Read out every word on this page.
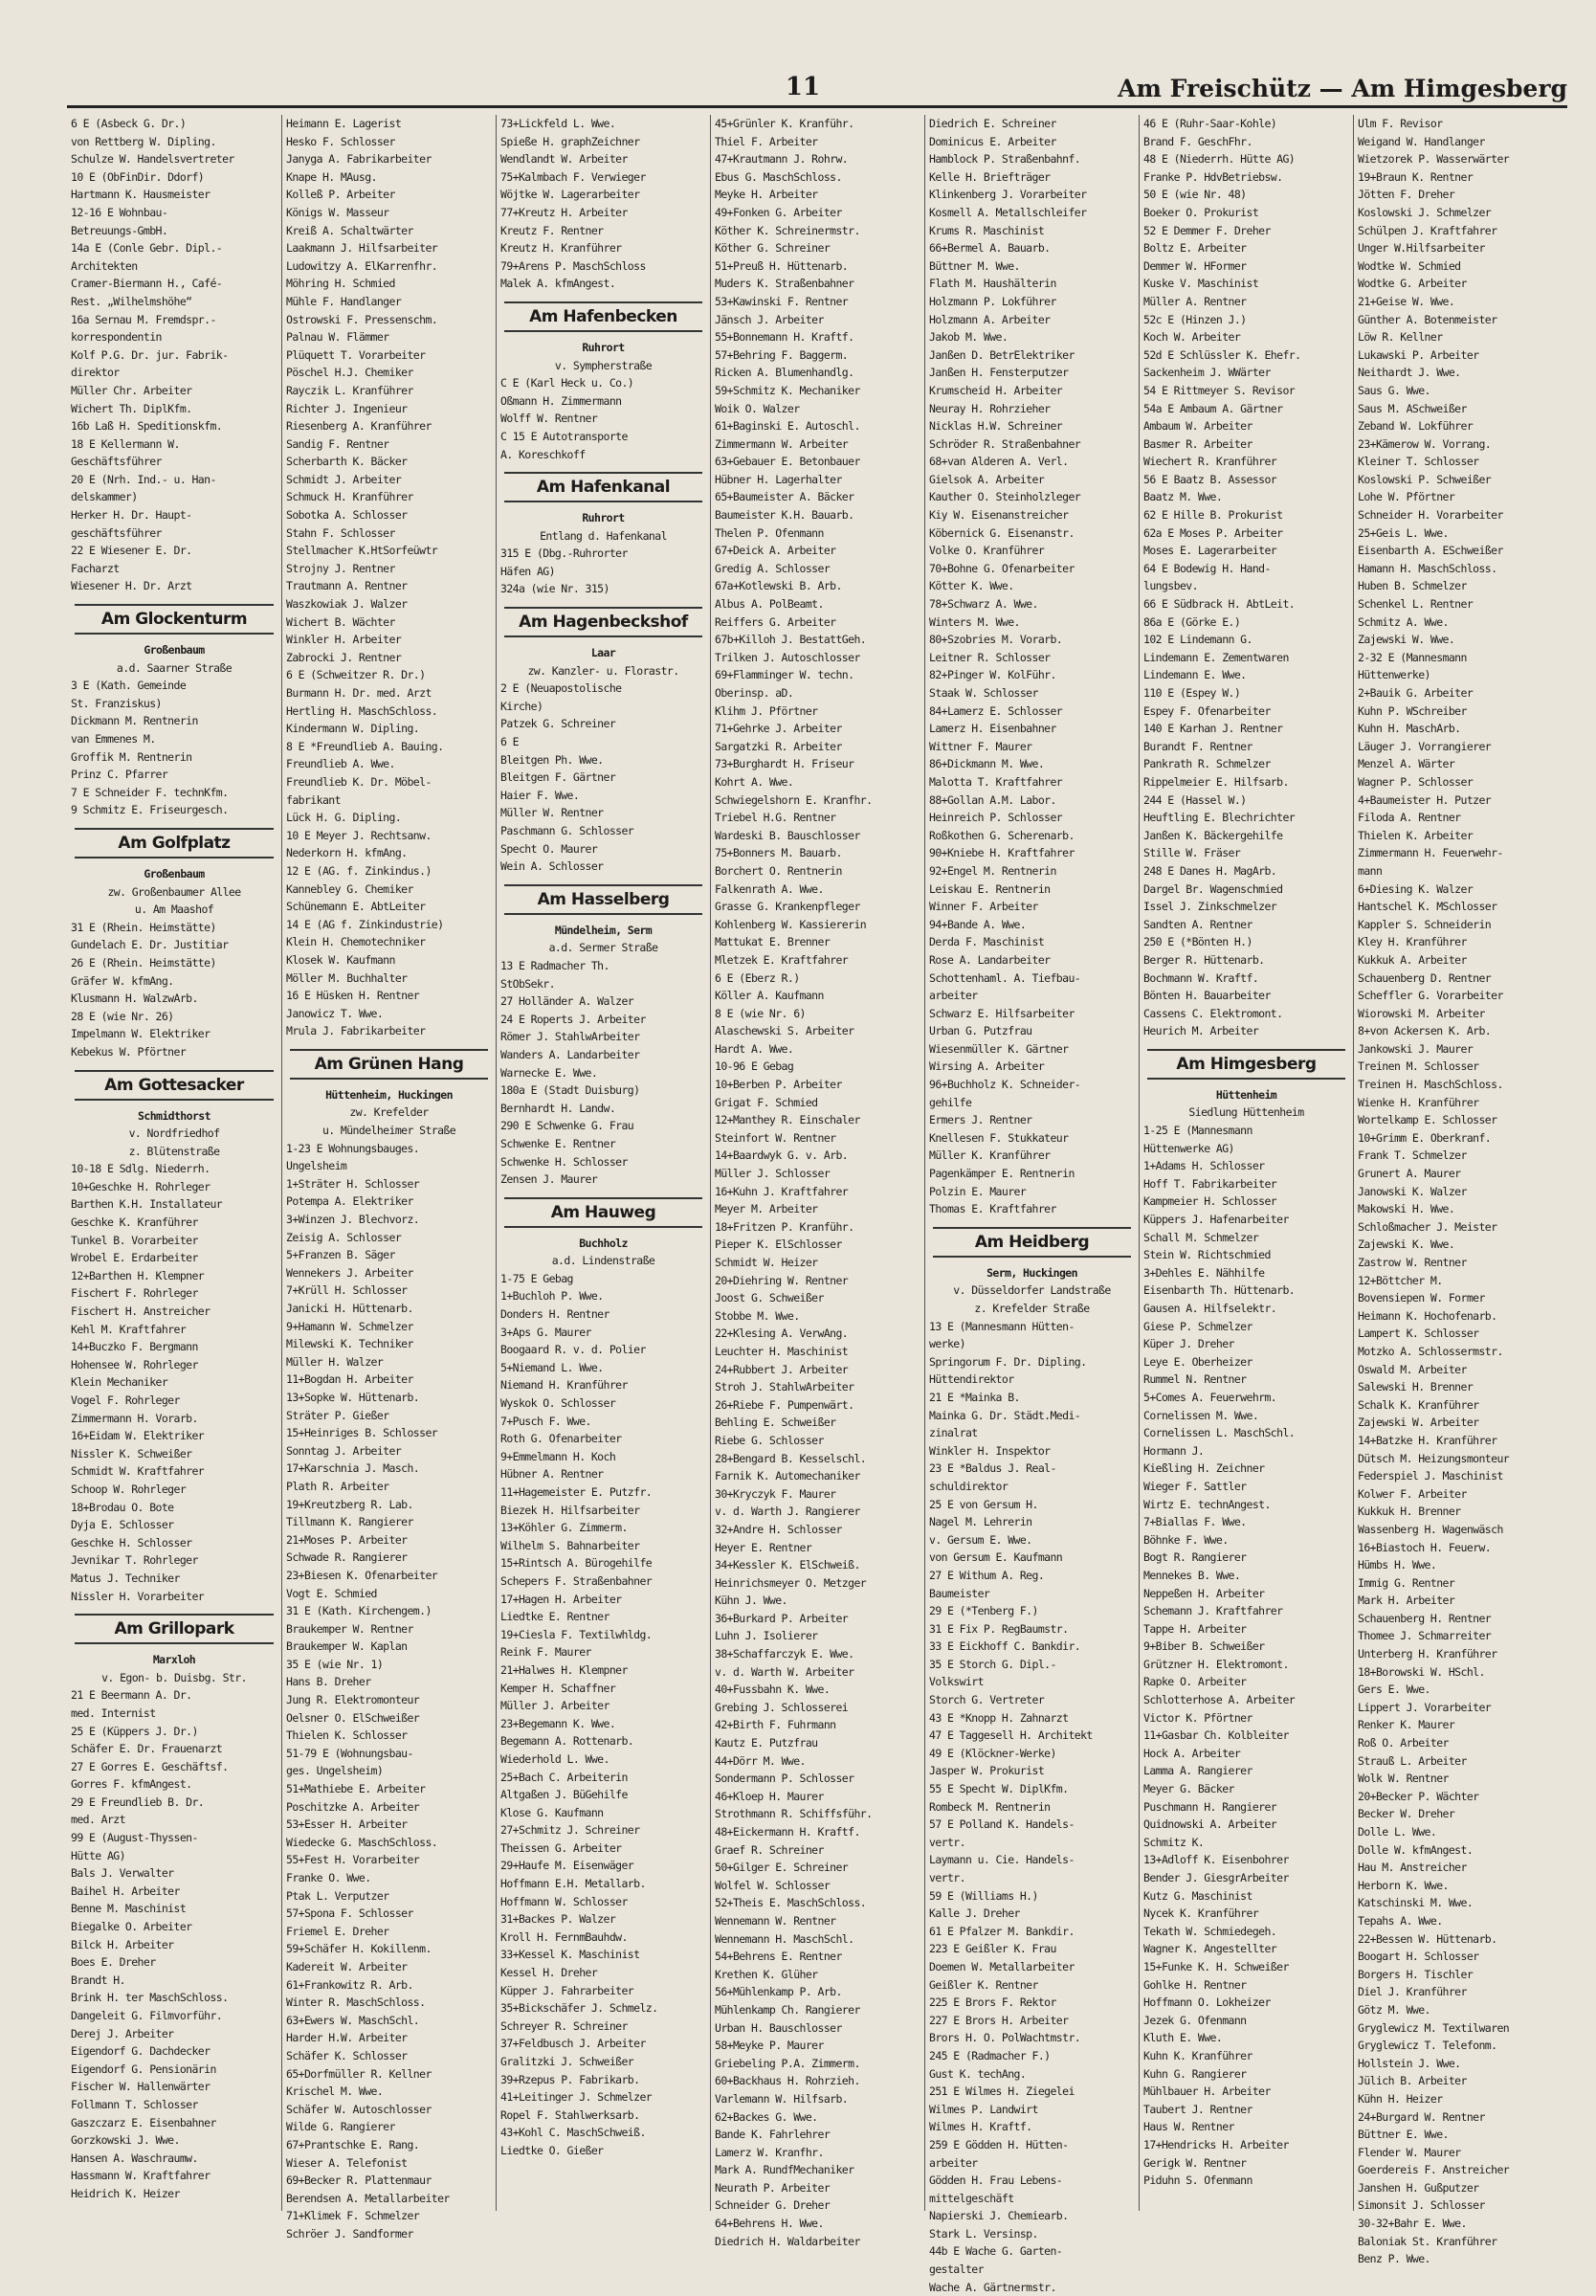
11	Am Freischütz — Am Himgesberg
6 E (Asbeck G. Dr.)
von Rettberg W. Dipling.
Schulze W. Handelsvertreter
10 E (ObFinDir. Ddorf)
Hartmann K. Hausmeister
12-16 E Wohnbau-
Betreuungs-GmbH.
14a E (Conle Gebr. Dipl.-
Architekten
Cramer-Biermann H., Café-
Rest. „Wilhelmshöhe“
16a Sernau M. Fremdspr.-
korrespondentin
Kolf P.G. Dr. jur. Fabrik-
direktor
Müller Chr. Arbeiter
Wichert Th. DiplKfm.
16b Laß H. Speditionskfm.
18 E Kellermann W.
Geschäftsführer
20 E (Nrh. Ind.- u. Han-
delskammer)
Herker H. Dr. Haupt-
geschäftsführer
22 E Wiesener E. Dr.
Facharzt
Wiesener H. Dr. Arzt
Am Glockenturm
Großenbaum
a.d. Saarner Straße
3 E (Kath. Gemeinde
St. Franziskus)
Dickmann M. Rentnerin
van Emmenes M.
Groffik M. Rentnerin
Prinz C. Pfarrer
7 E Schneider F. technKfm.
9 Schmitz E. Friseurgesch.
Am Golfplatz
Großenbaum
zw. Großenbaumer Allee
u. Am Maashof
31 E (Rhein. Heimstätte)
Gundelach E. Dr. Justitiar
26 E (Rhein. Heimstätte)
Gräfer W. kfmAng.
Klusmann H. WalzwArb.
28 E (wie Nr. 26)
Impelmann W. Elektriker
Kebekus W. Pförtner
Am Gottesacker
Schmidthorst
v. Nordfriedhof
z. Blütenstraße
10-18 E Sdlg. Niederrh.
10+Geschke H. Rohrleger
Barthen K.H. Installateur
Geschke K. Kranführer
Tunkel B. Vorarbeiter
Wrobel E. Erdarbeiter
12+Barthen H. Klempner
Fischert F. Rohrleger
Fischert H. Anstreicher
Kehl M. Kraftfahrer
14+Buczko F. Bergmann
Hohensee W. Rohrleger
Klein Mechaniker
Vogel F. Rohrleger
Zimmermann H. Vorarb.
16+Eidam W. Elektriker
Nissler K. Schweißer
Schmidt W. Kraftfahrer
Schoop W. Rohrleger
18+Brodau O. Bote
Dyja E. Schlosser
Geschke H. Schlosser
Jevnikar T. Rohrleger
Matus J. Techniker
Nissler H. Vorarbeiter
Am Grillopark
Marxloh
v. Egon- b. Duisbg. Str.
21 E Beermann A. Dr.
med. Internist
25 E (Küppers J. Dr.)
Schäfer E. Dr. Frauenarzt
27 E Gorres E. Geschäftsf.
Gorres F. kfmAngest.
29 E Freundlieb B. Dr.
med. Arzt
99 E (August-Thyssen-
Hütte AG)
Bals J. Verwalter
Baihel H. Arbeiter
Benne M. Maschinist
Biegalke O. Arbeiter
Bilck H. Arbeiter
Boes E. Dreher
Brandt H.
Brink H. ter MaschSchloss.
Dangeleit G. Filmvorführ.
Derej J. Arbeiter
Eigendorf G. Dachdecker
Eigendorf G. Pensionärin
Fischer W. Hallenwärter
Follmann T. Schlosser
Gaszczarz E. Eisenbahner
Gorzkowski J. Wwe.
Hansen A. Waschraumw.
Hassmann W. Kraftfahrer
Heidrich K. Heizer
Heimann E. Lagerist
Hesko F. Schlosser
Janyga A. Fabrikarbeiter
Knape H. MAusg.
Kolleß P. Arbeiter
Königs W. Masseur
Kreiß A. Schaltwärter
Laakmann J. Hilfsarbeiter
Ludowitzy A. ElKarrenfhr.
Möhring H. Schmied
Mühle F. Handlanger
Ostrowski F. Pressenschm.
Palnau W. Flämmer
Plüquett T. Vorarbeiter
Pöschel H.J. Chemiker
Rayczik L. Kranführer
Richter J. Ingenieur
Riesenberg A. Kranführer
Sandig F. Rentner
Scherbarth K. Bäcker
Schmidt J. Arbeiter
Schmuck H. Kranführer
Sobotka A. Schlosser
Stahn F. Schlosser
Stellmacher K.HtSorfeüwtr
Strojny J. Rentner
Trautmann A. Rentner
Waszkowiak J. Walzer
Wichert B. Wächter
Winkler H. Arbeiter
Zabrocki J. Rentner
6 E (Schweitzer R. Dr.)
Burmann H. Dr. med. Arzt
Hertling H. MaschSchloss.
Kindermann W. Dipling.
8 E *Freundlieb A. Bauing.
Freundlieb A. Wwe.
Freundlieb K. Dr. Möbel-
fabrikant
Lück H. G. Dipling.
10 E Meyer J. Rechtsanw.
Nederkorn H. kfmAng.
12 E (AG. f. Zinkindus.)
Kannebley G. Chemiker
Schünemann E. AbtLeiter
14 E (AG f. Zinkindustrie)
Klein H. Chemotechniker
Klosek W. Kaufmann
Möller M. Buchhalter
16 E Hüsken H. Rentner
Janowicz T. Wwe.
Mrula J. Fabrikarbeiter
Am Grünen Hang
Hüttenheim, Huckingen
zw. Krefelder
u. Mündelheimer Straße
1-23 E Wohnungsbauges.
Ungelsheim
1+Sträter H. Schlosser
Potempa A. Elektriker
3+Winzen J. Blechvorz.
Zeisig A. Schlosser
5+Franzen B. Säger
Wennekers J. Arbeiter
7+Krüll H. Schlosser
Janicki H. Hüttenarb.
9+Hamann W. Schmelzer
Milewski K. Techniker
Müller H. Walzer
11+Bogdan H. Arbeiter
13+Sopke W. Hüttenarb.
Sträter P. Gießer
15+Heinriges B. Schlosser
Sonntag J. Arbeiter
17+Karschnia J. Masch.
Plath R. Arbeiter
19+Kreutzberg R. Lab.
Tillmann K. Rangierer
21+Moses P. Arbeiter
Schwade R. Rangierer
23+Biesen K. Ofenarbeiter
Vogt E. Schmied
31 E (Kath. Kirchengem.)
Braukemper W. Rentner
Braukemper W. Kaplan
35 E (wie Nr. 1)
Hans B. Dreher
Jung R. Elektromonteur
Oelsner O. ElSchweißer
Thielen K. Schlosser
51-79 E (Wohnungsbau-
ges. Ungelsheim)
51+Mathiebe E. Arbeiter
Poschitzke A. Arbeiter
53+Esser H. Arbeiter
Wiedecke G. MaschSchloss.
55+Fest H. Vorarbeiter
Franke O. Wwe.
Ptak L. Verputzer
57+Spona F. Schlosser
Friemel E. Dreher
59+Schäfer H. Kokillenm.
Kadereit W. Arbeiter
61+Frankowitz R. Arb.
Winter R. MaschSchloss.
63+Ewers W. MaschSchl.
Harder H.W. Arbeiter
Schäfer K. Schlosser
65+Dorfmüller R. Kellner
Krischel M. Wwe.
Schäfer W. Autoschlosser
Wilde G. Rangierer
67+Prantschke E. Rang.
Wieser A. Telefonist
69+Becker R. Plattenmaur
Berendsen A. Metallarbeiter
71+Klimek F. Schmelzer
Schröer J. Sandformer
73+Lickfeld L. Wwe.
Spieße H. graphZeichner
Wendlandt W. Arbeiter
75+Kalmbach F. Verwieger
Wöjtke W. Lagerarbeiter
77+Kreutz H. Arbeiter
Kreutz F. Rentner
Kreutz H. Kranführer
79+Arens P. MaschSchloss
Malek A. kfmAngest.
Am Hafenbecken
Ruhrort
v. Sympherstraße
C E (Karl Heck u. Co.)
Oßmann H. Zimmermann
Wolff W. Rentner
C 15 E Autotransporte
A. Koreschkoff
Am Hafenkanal
Ruhrort
Entlang d. Hafenkanal
315 E (Dbg.-Ruhrorter
Häfen AG)
324a (wie Nr. 315)
Am Hagenbeckshof
Laar
zw. Kanzler- u. Florastr.
2 E (Neuapostolische
Kirche)
Patzek G. Schreiner
6 E
Bleitgen Ph. Wwe.
Bleitgen F. Gärtner
Haier F. Wwe.
Müller W. Rentner
Paschmann G. Schlosser
Specht O. Maurer
Wein A. Schlosser
Am Hasselberg
Mündelheim, Serm
a.d. Sermer Straße
13 E Radmacher Th.
StObSekr.
27 Holländer A. Walzer
24 E Roperts J. Arbeiter
Römer J. StahlwArbeiter
Wanders A. Landarbeiter
Warnecke E. Wwe.
180a E (Stadt Duisburg)
Bernhardt H. Landw.
290 E Schwenke G. Frau
Schwenke E. Rentner
Schwenke H. Schlosser
Zensen J. Maurer
Am Hauweg
Buchholz
a.d. Lindenstraße
1-75 E Gebag
1+Buchloh P. Wwe.
Donders H. Rentner
3+Aps G. Maurer
Boogaard R. v. d. Polier
5+Niemand L. Wwe.
Niemand H. Kranführer
Wyskok O. Schlosser
7+Pusch F. Wwe.
Roth G. Ofenarbeiter
9+Emmelmann H. Koch
Hübner A. Rentner
11+Hagemeister E. Putzfr.
Biezek H. Hilfsarbeiter
13+Köhler G. Zimmerm.
Wilhelm S. Bahnarbeiter
15+Rintsch A. Bürogehilfe
Schepers F. Straßenbahner
17+Hagen H. Arbeiter
Liedtke E. Rentner
19+Ciesla F. Textilwhldg.
Reink F. Maurer
21+Halwes H. Klempner
Kemper H. Schaffner
Müller J. Arbeiter
23+Begemann K. Wwe.
Begemann A. Rottenarb.
Wiederhold L. Wwe.
25+Bach C. Arbeiterin
Altgaßen J. BüGehilfe
Klose G. Kaufmann
27+Schmitz J. Schreiner
Theissen G. Arbeiter
29+Haufe M. Eisenwäger
Hoffmann E.H. Metallarb.
Hoffmann W. Schlosser
31+Backes P. Walzer
Kroll H. FernmBauhdw.
33+Kessel K. Maschinist
Kessel H. Dreher
Küpper J. Fahrarbeiter
35+Bickschäfer J. Schmelz.
Schreyer R. Schreiner
37+Feldbusch J. Arbeiter
Gralitzki J. Schweißer
39+Rzepus P. Fabrikarb.
41+Leitinger J. Schmelzer
Ropel F. Stahlwerksarb.
43+Kohl C. MaschSchweiß.
Liedtke O. Gießer
45+Grünler K. Kranführ.
Thiel F. Arbeiter
47+Krautmann J. Rohrw.
Ebus G. MaschSchloss.
Meyke H. Arbeiter
49+Fonken G. Arbeiter
Köther K. Schreinermstr.
Köther G. Schreiner
51+Preuß H. Hüttenarb.
Muders K. Straßenbahner
53+Kawinski F. Rentner
Jänsch J. Arbeiter
55+Bonnemann H. Kraftf.
57+Behring F. Baggerm.
Ricken A. Blumenhandlg.
59+Schmitz K. Mechaniker
Woik O. Walzer
61+Baginski E. Autoschl.
Zimmermann W. Arbeiter
63+Gebauer E. Betonbauer
Hübner H. Lagerhalter
65+Baumeister A. Bäcker
Baumeister K.H. Bauarb.
Thelen P. Ofenmann
67+Deick A. Arbeiter
Gredig A. Schlosser
67a+Kotlewski B. Arb.
Albus A. PolBeamt.
Reiffers G. Arbeiter
67b+Killoh J. BestattGeh.
Trilken J. Autoschlosser
69+Flamminger W. techn.
Oberinsp. aD.
Klihm J. Pförtner
71+Gehrke J. Arbeiter
Sargatzki R. Arbeiter
73+Burghardt H. Friseur
Kohrt A. Wwe.
Schwiegelshorn E. Kranfhr.
Triebel H.G. Rentner
Wardeski B. Bauschlosser
75+Bonners M. Bauarb.
Borchert O. Rentnerin
Falkenrath A. Wwe.
Grasse G. Krankenpfleger
Kohlenberg W. Kassiererin
Mattukat E. Brenner
Mletzek E. Kraftfahrer
6 E (Eberz R.)
Köller A. Kaufmann
8 E (wie Nr. 6)
Alaschewski S. Arbeiter
Hardt A. Wwe.
10-96 E Gebag
10+Berben P. Arbeiter
Grigat F. Schmied
12+Manthey R. Einschaler
Steinfort W. Rentner
14+Baardwyk G. v. Arb.
Müller J. Schlosser
16+Kuhn J. Kraftfahrer
Meyer M. Arbeiter
18+Fritzen P. Kranführ.
Pieper K. ElSchlosser
Schmidt W. Heizer
20+Diehring W. Rentner
Joost G. Schweißer
Stobbe M. Wwe.
22+Klesing A. VerwAng.
Leuchter H. Maschinist
24+Rubbert J. Arbeiter
Stroh J. StahlwArbeiter
26+Riebe F. Pumpenwärt.
Behling E. Schweißer
Riebe G. Schlosser
28+Bengard B. Kesselschl.
Farnik K. Automechaniker
30+Kryczyk F. Maurer
v. d. Warth J. Rangierer
32+Andre H. Schlosser
Heyer E. Rentner
34+Kessler K. ElSchweiß.
Heinrichsmeyer O. Metzger
Kühn J. Wwe.
36+Burkard P. Arbeiter
Luhn J. Isolierer
38+Schaffarczyk E. Wwe.
v. d. Warth W. Arbeiter
40+Fussbahn K. Wwe.
Grebing J. Schlosserei
42+Birth F. Fuhrmann
Kautz E. Putzfrau
44+Dörr M. Wwe.
Sondermann P. Schlosser
46+Kloep H. Maurer
Strothmann R. Schiffsführ.
48+Eickermann H. Kraftf.
Graef R. Schreiner
50+Gilger E. Schreiner
Wolfel W. Schlosser
52+Theis E. MaschSchloss.
Wennemann W. Rentner
Wennemann H. MaschSchl.
54+Behrens E. Rentner
Krethen K. Glüher
56+Mühlenkamp P. Arb.
Mühlenkamp Ch. Rangierer
Urban H. Bauschlosser
58+Meyke P. Maurer
Griebeling P.A. Zimmerm.
60+Backhaus H. Rohrzieh.
Varlemann W. Hilfsarb.
62+Backes G. Wwe.
Bande K. Fahrlehrer
Lamerz W. Kranfhr.
Mark A. RundfMechaniker
Neurath P. Arbeiter
Schneider G. Dreher
64+Behrens H. Wwe.
Diedrich H. Waldarbeiter
Diedrich E. Schreiner
Dominicus E. Arbeiter
Hamblock P. Straßenbahnf.
Kelle H. Briefträger
Klinkenberg J. Vorarbeiter
Kosmell A. Metallschleifer
Krums R. Maschinist
66+Bermel A. Bauarb.
Büttner M. Wwe.
Flath M. Haushälterin
Holzmann P. Lokführer
Holzmann A. Arbeiter
Jakob M. Wwe.
Janßen D. BetrElektriker
Janßen H. Fensterputzer
Krumscheid H. Arbeiter
Neuray H. Rohrzieher
Nicklas H.W. Schreiner
Schröder R. Straßenbahner
68+van Alderen A. Verl.
Gielsok A. Arbeiter
Kauther O. Steinholzleger
Kiy W. Eisenanstreicher
Köbernick G. Eisenanstr.
Volke O. Kranführer
70+Bohne G. Ofenarbeiter
Kötter K. Wwe.
78+Schwarz A. Wwe.
Winters M. Wwe.
80+Szobries M. Vorarb.
Leitner R. Schlosser
82+Pinger W. KolFühr.
Staak W. Schlosser
84+Lamerz E. Schlosser
Lamerz H. Eisenbahner
Wittner F. Maurer
86+Dickmann M. Wwe.
Malotta T. Kraftfahrer
88+Gollan A.M. Labor.
Heinreich P. Schlosser
Roßkothen G. Scherenarb.
90+Kniebe H. Kraftfahrer
92+Engel M. Rentnerin
Leiskau E. Rentnerin
Winner F. Arbeiter
94+Bande A. Wwe.
Derda F. Maschinist
Rose A. Landarbeiter
Schottenhaml. A. Tiefbau-
arbeiter
Schwarz E. Hilfsarbeiter
Urban G. Putzfrau
Wiesenmüller K. Gärtner
Wirsing A. Arbeiter
96+Buchholz K. Schneider-
gehilfe
Ermers J. Rentner
Knellesen F. Stukkateur
Müller K. Kranführer
Pagenkämper E. Rentnerin
Polzin E. Maurer
Thomas E. Kraftfahrer
Am Heidberg
Serm, Huckingen
v. Düsseldorfer Landstraße
z. Krefelder Straße
13 E (Mannesmann Hütten-
werke)
Springorum F. Dr. Dipling.
Hüttendirektor
21 E *Mainka B.
Mainka G. Dr. Städt.Medi-
zinalrat
Winkler H. Inspektor
23 E *Baldus J. Real-
schuldirektor
25 E von Gersum H.
Nagel M. Lehrerin
v. Gersum E. Wwe.
von Gersum E. Kaufmann
27 E Withum A. Reg.
Baumeister
29 E (*Tenberg F.)
31 E Fix P. RegBaumstr.
33 E Eickhoff C. Bankdir.
35 E Storch G. Dipl.-
Volkswirt
Storch G. Vertreter
43 E *Knopp H. Zahnarzt
47 E Taggesell H. Architekt
49 E (Klöckner-Werke)
Jasper W. Prokurist
55 E Specht W. DiplKfm.
Rombeck M. Rentnerin
57 E Polland K. Handels-
vertr.
Laymann u. Cie. Handels-
vertr.
59 E (Williams H.)
Kalle J. Dreher
61 E Pfalzer M. Bankdir.
223 E Geißler K. Frau
Doemen W. Metallarbeiter
Geißler K. Rentner
225 E Brors F. Rektor
227 E Brors H. Arbeiter
Brors H. O. PolWachtmstr.
245 E (Radmacher F.)
Gust K. techAng.
251 E Wilmes H. Ziegelei
Wilmes P. Landwirt
Wilmes H. Kraftf.
259 E Gödden H. Hütten-
arbeiter
Gödden H. Frau Lebens-
mittelgeschäft
Napierski J. Chemiearb.
Stark L. Versinsp.
44b E Wache G. Garten-
gestalter
Wache A. Gärtnermstr.
46 E (Ruhr-Saar-Kohle)
Brand F. GeschFhr.
48 E (Niederrh. Hütte AG)
Franke P. HdvBetriebsw.
50 E (wie Nr. 48)
Boeker O. Prokurist
52 E Demmer F. Dreher
Boltz E. Arbeiter
Demmer W. HFormer
Kuske V. Maschinist
Müller A. Rentner
52c E (Hinzen J.)
Koch W. Arbeiter
52d E Schlüssler K. Ehefr.
Sackenheim J. WWärter
54 E Rittmeyer S. Revisor
54a E Ambaum A. Gärtner
Ambaum W. Arbeiter
Basmer R. Arbeiter
Wiechert R. Kranführer
56 E Baatz B. Assessor
Baatz M. Wwe.
62 E Hille B. Prokurist
62a E Moses P. Arbeiter
Moses E. Lagerarbeiter
64 E Bodewig H. Hand-
lungsbev.
66 E Südbrack H. AbtLeit.
86a E (Görke E.)
102 E Lindemann G.
Lindemann E. Zementwaren
Lindemann E. Wwe.
110 E (Espey W.)
Espey F. Ofenarbeiter
140 E Karhan J. Rentner
Burandt F. Rentner
Pankrath R. Schmelzer
Rippelmeier E. Hilfsarb.
244 E (Hassel W.)
Heuftling E. Blechrichter
Janßen K. Bäckergehilfe
Stille W. Fräser
248 E Danes H. MagArb.
Dargel Br. Wagenschmied
Issel J. Zinkschmelzer
Sandten A. Rentner
250 E (*Bönten H.)
Berger R. Hüttenarb.
Bochmann W. Kraftf.
Bönten H. Bauarbeiter
Cassens C. Elektromont.
Heurich M. Arbeiter
Am Himgesberg
Hüttenheim
Siedlung Hüttenheim
1-25 E (Mannesmann
Hüttenwerke AG)
1+Adams H. Schlosser
Hoff T. Fabrikarbeiter
Kampmeier H. Schlosser
Küppers J. Hafenarbeiter
Schall M. Schmelzer
Stein W. Richtschmied
3+Dehles E. Nähhilfe
Eisenbarth Th. Hüttenarb.
Gausen A. Hilfselektr.
Giese P. Schmelzer
Küper J. Dreher
Leye E. Oberheizer
Rummel N. Rentner
5+Comes A. Feuerwehrm.
Cornelissen M. Wwe.
Cornelissen L. MaschSchl.
Hormann J.
Kießling H. Zeichner
Wieger F. Sattler
Wirtz E. technAngest.
7+Biallas F. Wwe.
Böhnke F. Wwe.
Bogt R. Rangierer
Mennekes B. Wwe.
Neppeßen H. Arbeiter
Schemann J. Kraftfahrer
Tappe H. Arbeiter
9+Biber B. Schweißer
Grützner H. Elektromont.
Rapke O. Arbeiter
Schlotterhose A. Arbeiter
Victor K. Pförtner
11+Gasbar Ch. Kolbleiter
Hock A. Arbeiter
Lamma A. Rangierer
Meyer G. Bäcker
Puschmann H. Rangierer
Quidnowski A. Arbeiter
Schmitz K.
13+Adloff K. Eisenbohrer
Bender J. GiesgrArbeiter
Kutz G. Maschinist
Nycek K. Kranführer
Tekath W. Schmiedegeh.
Wagner K. Angestellter
15+Funke K. H. Schweißer
Gohlke H. Rentner
Hoffmann O. Lokheizer
Jezek G. Ofenmann
Kluth E. Wwe.
Kuhn K. Kranführer
Kuhn G. Rangierer
Mühlbauer H. Arbeiter
Taubert J. Rentner
Haus W. Rentner
17+Hendricks H. Arbeiter
Gerigk W. Rentner
Piduhn S. Ofenmann
Ulm F. Revisor
Weigand W. Handlanger
Wietzorek P. Wasserwärter
19+Braun K. Rentner
Jötten F. Dreher
Koslowski J. Schmelzer
Schülpen J. Kraftfahrer
Unger W.Hilfsarbeiter
Wodtke W. Schmied
Wodtke G. Arbeiter
21+Geise W. Wwe.
Günther A. Botenmeister
Löw R. Kellner
Lukawski P. Arbeiter
Neithardt J. Wwe.
Saus G. Wwe.
Saus M. ASchweißer
Zeband W. Lokführer
23+Kämerow W. Vorrang.
Kleiner T. Schlosser
Koslowski P. Schweißer
Lohe W. Pförtner
Schneider H. Vorarbeiter
25+Geis L. Wwe.
Eisenbarth A. ESchweißer
Hamann H. MaschSchloss.
Huben B. Schmelzer
Schenkel L. Rentner
Schmitz A. Wwe.
Zajewski W. Wwe.
2-32 E (Mannesmann
Hüttenwerke)
2+Bauik G. Arbeiter
Kuhn P. WSchreiber
Kuhn H. MaschArb.
Läuger J. Vorrangierer
Menzel A. Wärter
Wagner P. Schlosser
4+Baumeister H. Putzer
Filoda A. Rentner
Thielen K. Arbeiter
Zimmermann H. Feuerwehr-
mann
6+Diesing K. Walzer
Hantschel K. MSchlosser
Kappler S. Schneiderin
Kley H. Kranführer
Kukkuk A. Arbeiter
Schauenberg D. Rentner
Scheffler G. Vorarbeiter
Wiorowski M. Arbeiter
8+von Ackersen K. Arb.
Jankowski J. Maurer
Treinen M. Schlosser
Treinen H. MaschSchloss.
Wienke H. Kranführer
Wortelkamp E. Schlosser
10+Grimm E. Oberkranf.
Frank T. Schmelzer
Grunert A. Maurer
Janowski K. Walzer
Makowski H. Wwe.
Schloßmacher J. Meister
Zajewski K. Wwe.
Zastrow W. Rentner
12+Böttcher M.
Bovensiepen W. Former
Heimann K. Hochofenarb.
Lampert K. Schlosser
Motzko A. Schlossermstr.
Oswald M. Arbeiter
Salewski H. Brenner
Schalk K. Kranführer
Zajewski W. Arbeiter
14+Batzke H. Kranführer
Dütsch M. Heizungsmonteur
Federspiel J. Maschinist
Kolwer F. Arbeiter
Kukkuk H. Brenner
Wassenberg H. Wagenwäsch
16+Biastoch H. Feuerw.
Hümbs H. Wwe.
Immig G. Rentner
Mark H. Arbeiter
Schauenberg H. Rentner
Thomee J. Schmarreiter
Unterberg H. Kranführer
18+Borowski W. HSchl.
Gers E. Wwe.
Lippert J. Vorarbeiter
Renker K. Maurer
Roß O. Arbeiter
Strauß L. Arbeiter
Wolk W. Rentner
20+Becker P. Wächter
Becker W. Dreher
Dolle L. Wwe.
Dolle W. kfmAngest.
Hau M. Anstreicher
Herborn K. Wwe.
Katschinski M. Wwe.
Tepahs A. Wwe.
22+Bessen W. Hüttenarb.
Boogart H. Schlosser
Borgers H. Tischler
Diel J. Kranführer
Götz M. Wwe.
Gryglewicz M. Textilwaren
Gryglewicz T. Telefonm.
Hollstein J. Wwe.
Jülich B. Arbeiter
Kühn H. Heizer
24+Burgard W. Rentner
Büttner E. Wwe.
Flender W. Maurer
Goerdereis F. Anstreicher
Janshen H. Gußputzer
Simonsit J. Schlosser
30-32+Bahr E. Wwe.
Baloniak St. Kranführer
Benz P. Wwe.
